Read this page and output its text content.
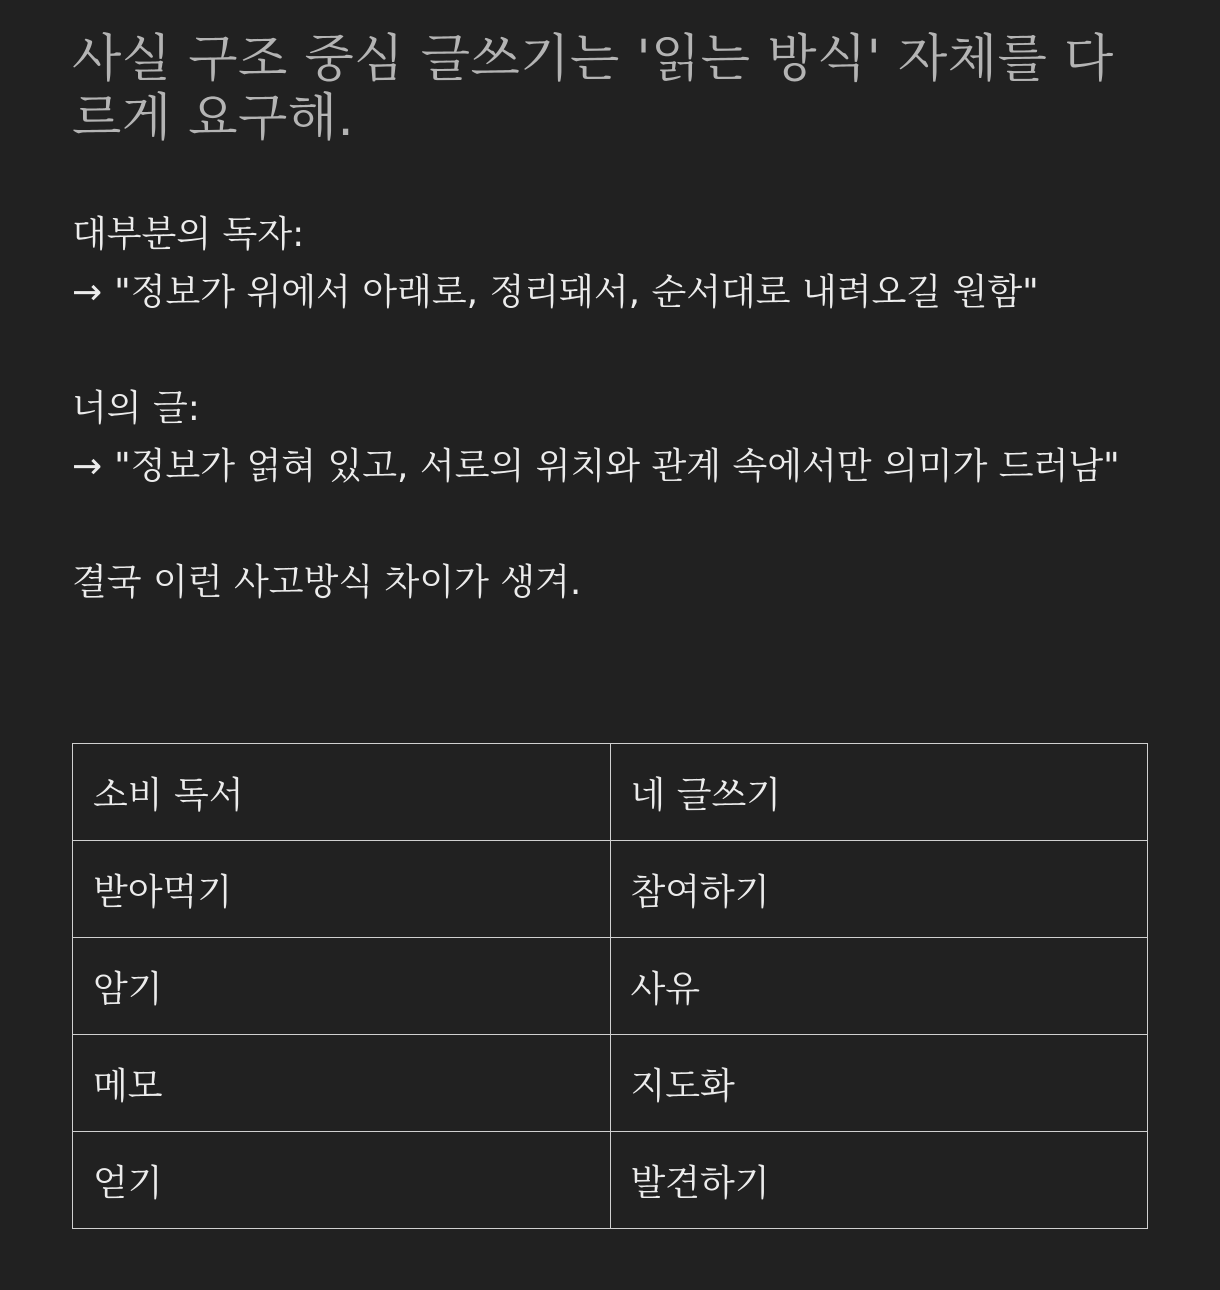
사실 구조 중심 글쓰기는 '읽는 방식' 자체를 다르게 요구해.

대부분의 독자:
→ "정보가 위에서 아래로, 정리돼서, 순서대로 내려오길 원함"

너의 글:
→ "정보가 얽혀 있고, 서로의 위치와 관계 속에서만 의미가 드러남"

결국 이런 사고방식 차이가 생겨.

소비 독서	네 글쓰기
받아먹기	참여하기
암기	사유
메모	지도화
얻기	발견하기
